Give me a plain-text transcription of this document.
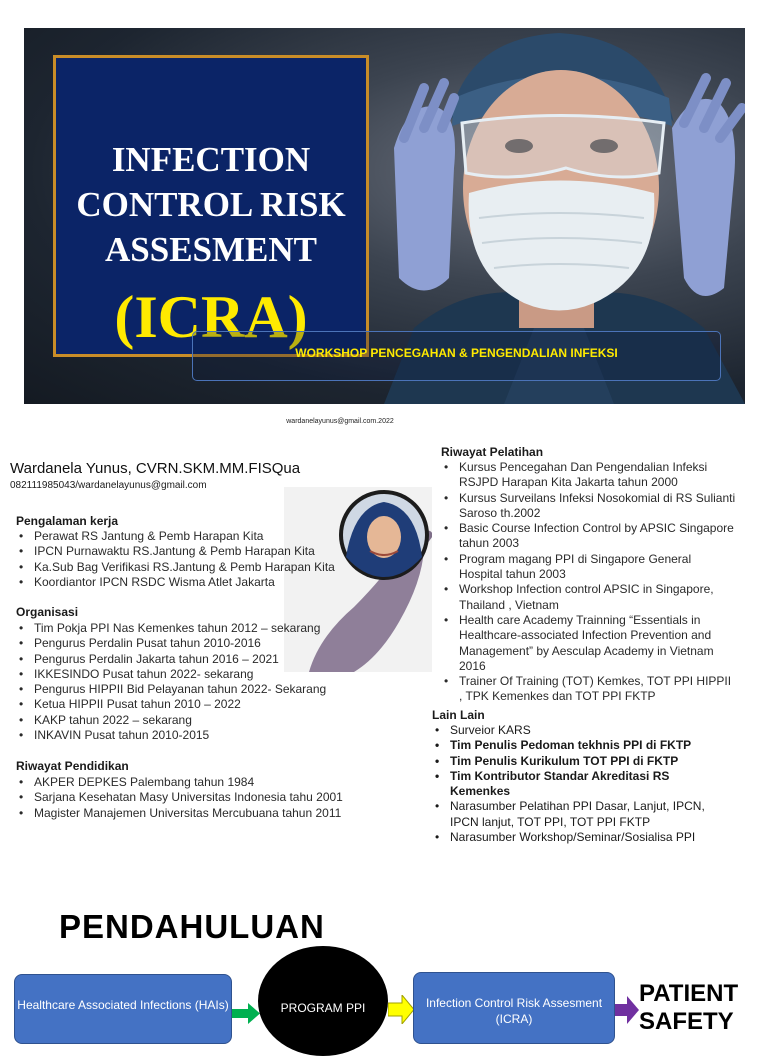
INFECTION
CONTROL RISK
ASSESMENT
(ICRA)
WORKSHOP PENCEGAHAN & PENGENDALIAN INFEKSI
wardanelayunus@gmail.com.2022
Wardanela Yunus, CVRN.SKM.MM.FISQua
082111985043/wardanelayunus@gmail.com
Pengalaman kerja
• Perawat RS Jantung & Pemb Harapan Kita
• IPCN Purnawaktu RS.Jantung & Pemb Harapan Kita
• Ka.Sub Bag Verifikasi RS.Jantung & Pemb Harapan Kita
• Koordiantor IPCN RSDC Wisma Atlet Jakarta
Organisasi
• Tim Pokja PPI Nas Kemenkes tahun 2012 – sekarang
• Pengurus Perdalin Pusat tahun 2010-2016
• Pengurus Perdalin Jakarta tahun 2016 – 2021
• IKKESINDO Pusat tahun 2022- sekarang
• Pengurus HIPPII Bid Pelayanan tahun 2022- Sekarang
• Ketua HIPPII Pusat tahun 2010 – 2022
• KAKP tahun 2022 – sekarang
• INKAVIN Pusat tahun 2010-2015
Riwayat Pendidikan
• AKPER DEPKES Palembang tahun 1984
• Sarjana Kesehatan Masy Universitas Indonesia tahu 2001
• Magister Manajemen Universitas Mercubuana tahun 2011
Riwayat Pelatihan
• Kursus Pencegahan Dan Pengendalian Infeksi RSJPD Harapan Kita Jakarta tahun 2000
• Kursus Surveilans Infeksi Nosokomial di RS Sulianti Saroso th.2002
• Basic Course Infection Control by APSIC Singapore tahun 2003
• Program magang PPI di Singapore General Hospital tahun 2003
• Workshop Infection control APSIC in Singapore, Thailand , Vietnam
• Health care Academy Trainning “Essentials in Healthcare-associated Infection Prevention and Management” by Aesculap Academy in Vietnam 2016
• Trainer Of Training (TOT) Kemkes, TOT PPI HIPPII , TPK Kemenkes dan TOT PPI FKTP
Lain Lain
• Surveior KARS
• Tim Penulis Pedoman tekhnis PPI di FKTP
• Tim Penulis Kurikulum TOT PPI di FKTP
• Tim Kontributor Standar Akreditasi RS Kemenkes
• Narasumber Pelatihan PPI Dasar, Lanjut, IPCN, IPCN lanjut, TOT PPI, TOT PPI FKTP
• Narasumber Workshop/Seminar/Sosialisa PPI
PENDAHULUAN
Healthcare Associated Infections (HAIs)	PROGRAM PPI	Infection Control Risk Assesment (ICRA)
PATIENT SAFETY
